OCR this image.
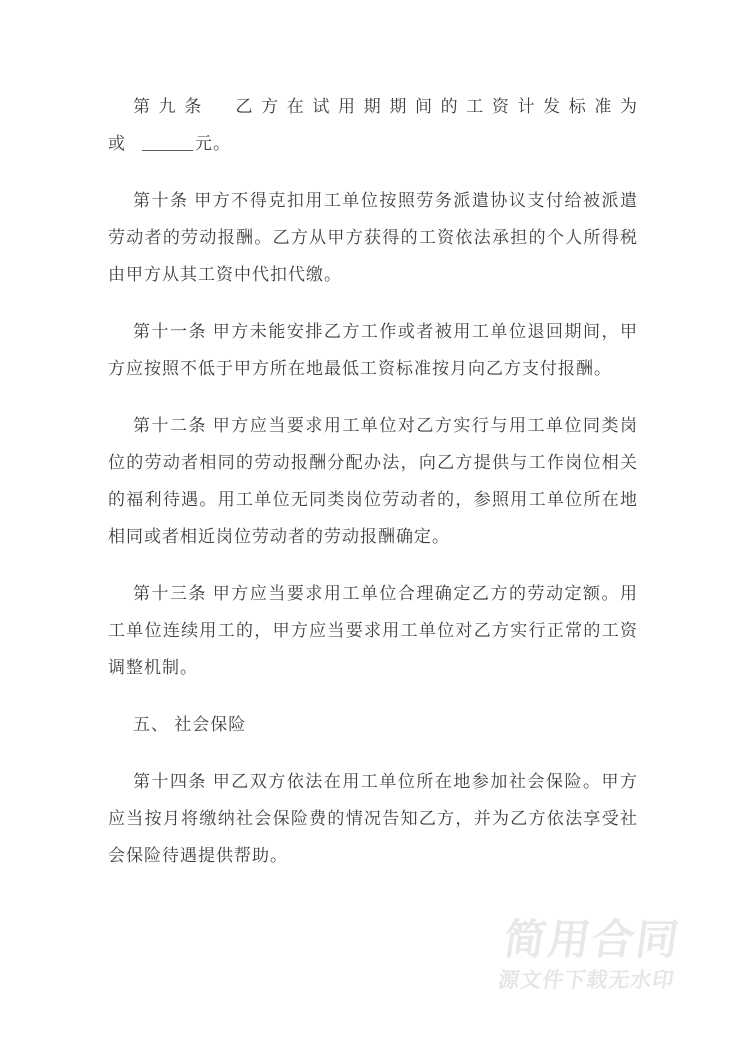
第九条　乙方在试用期期间的工资计发标准为

或 ______ 元。

第十条 甲方不得克扣用工单位按照劳务派遣协议支付给被派遣劳动者的劳动报酬。乙方从甲方获得的工资依法承担的个人所得税由甲方从其工资中代扣代缴。

第十一条 甲方未能安排乙方工作或者被用工单位退回期间，甲方应按照不低于甲方所在地最低工资标准按月向乙方支付报酬。

第十二条 甲方应当要求用工单位对乙方实行与用工单位同类岗位的劳动者相同的劳动报酬分配办法，向乙方提供与工作岗位相关的福利待遇。用工单位无同类岗位劳动者的，参照用工单位所在地相同或者相近岗位劳动者的劳动报酬确定。

第十三条 甲方应当要求用工单位合理确定乙方的劳动定额。用工单位连续用工的，甲方应当要求用工单位对乙方实行正常的工资调整机制。

五、 社会保险

第十四条 甲乙双方依法在用工单位所在地参加社会保险。甲方应当按月将缴纳社会保险费的情况告知乙方，并为乙方依法享受社会保险待遇提供帮助。

简用合同
源文件下载无水印
